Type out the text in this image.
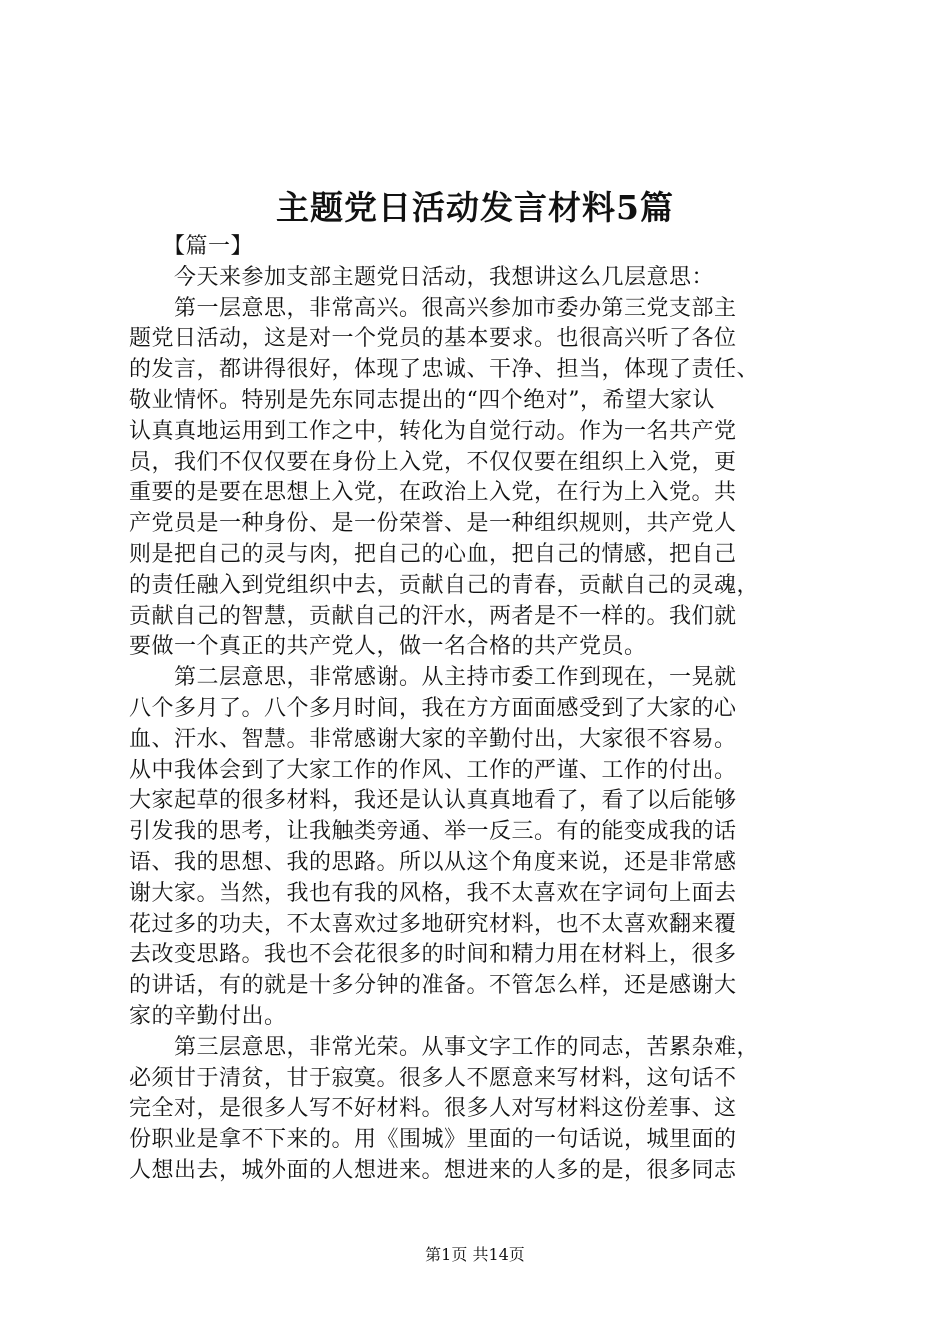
主题党日活动发言材料5篇
　　【篇一】
　　今天来参加支部主题党日活动，我想讲这么几层意思：
　　第一层意思，非常高兴。很高兴参加市委办第三党支部主
题党日活动，这是对一个党员的基本要求。也很高兴听了各位
的发言，都讲得很好，体现了忠诚、干净、担当，体现了责任、
敬业情怀。特别是先东同志提出的“四个绝对”，希望大家认
认真真地运用到工作之中，转化为自觉行动。作为一名共产党
员，我们不仅仅要在身份上入党，不仅仅要在组织上入党，更
重要的是要在思想上入党，在政治上入党，在行为上入党。共
产党员是一种身份、是一份荣誉、是一种组织规则，共产党人
则是把自己的灵与肉，把自己的心血，把自己的情感，把自己
的责任融入到党组织中去，贡献自己的青春，贡献自己的灵魂，
贡献自己的智慧，贡献自己的汗水，两者是不一样的。我们就
要做一个真正的共产党人，做一名合格的共产党员。
　　第二层意思，非常感谢。从主持市委工作到现在，一晃就
八个多月了。八个多月时间，我在方方面面感受到了大家的心
血、汗水、智慧。非常感谢大家的辛勤付出，大家很不容易。
从中我体会到了大家工作的作风、工作的严谨、工作的付出。
大家起草的很多材料，我还是认认真真地看了，看了以后能够
引发我的思考，让我触类旁通、举一反三。有的能变成我的话
语、我的思想、我的思路。所以从这个角度来说，还是非常感
谢大家。当然，我也有我的风格，我不太喜欢在字词句上面去
花过多的功夫，不太喜欢过多地研究材料，也不太喜欢翻来覆
去改变思路。我也不会花很多的时间和精力用在材料上，很多
的讲话，有的就是十多分钟的准备。不管怎么样，还是感谢大
家的辛勤付出。
　　第三层意思，非常光荣。从事文字工作的同志，苦累杂难，
必须甘于清贫，甘于寂寞。很多人不愿意来写材料，这句话不
完全对，是很多人写不好材料。很多人对写材料这份差事、这
份职业是拿不下来的。用《围城》里面的一句话说，城里面的
人想出去，城外面的人想进来。想进来的人多的是，很多同志
第1页 共14页
